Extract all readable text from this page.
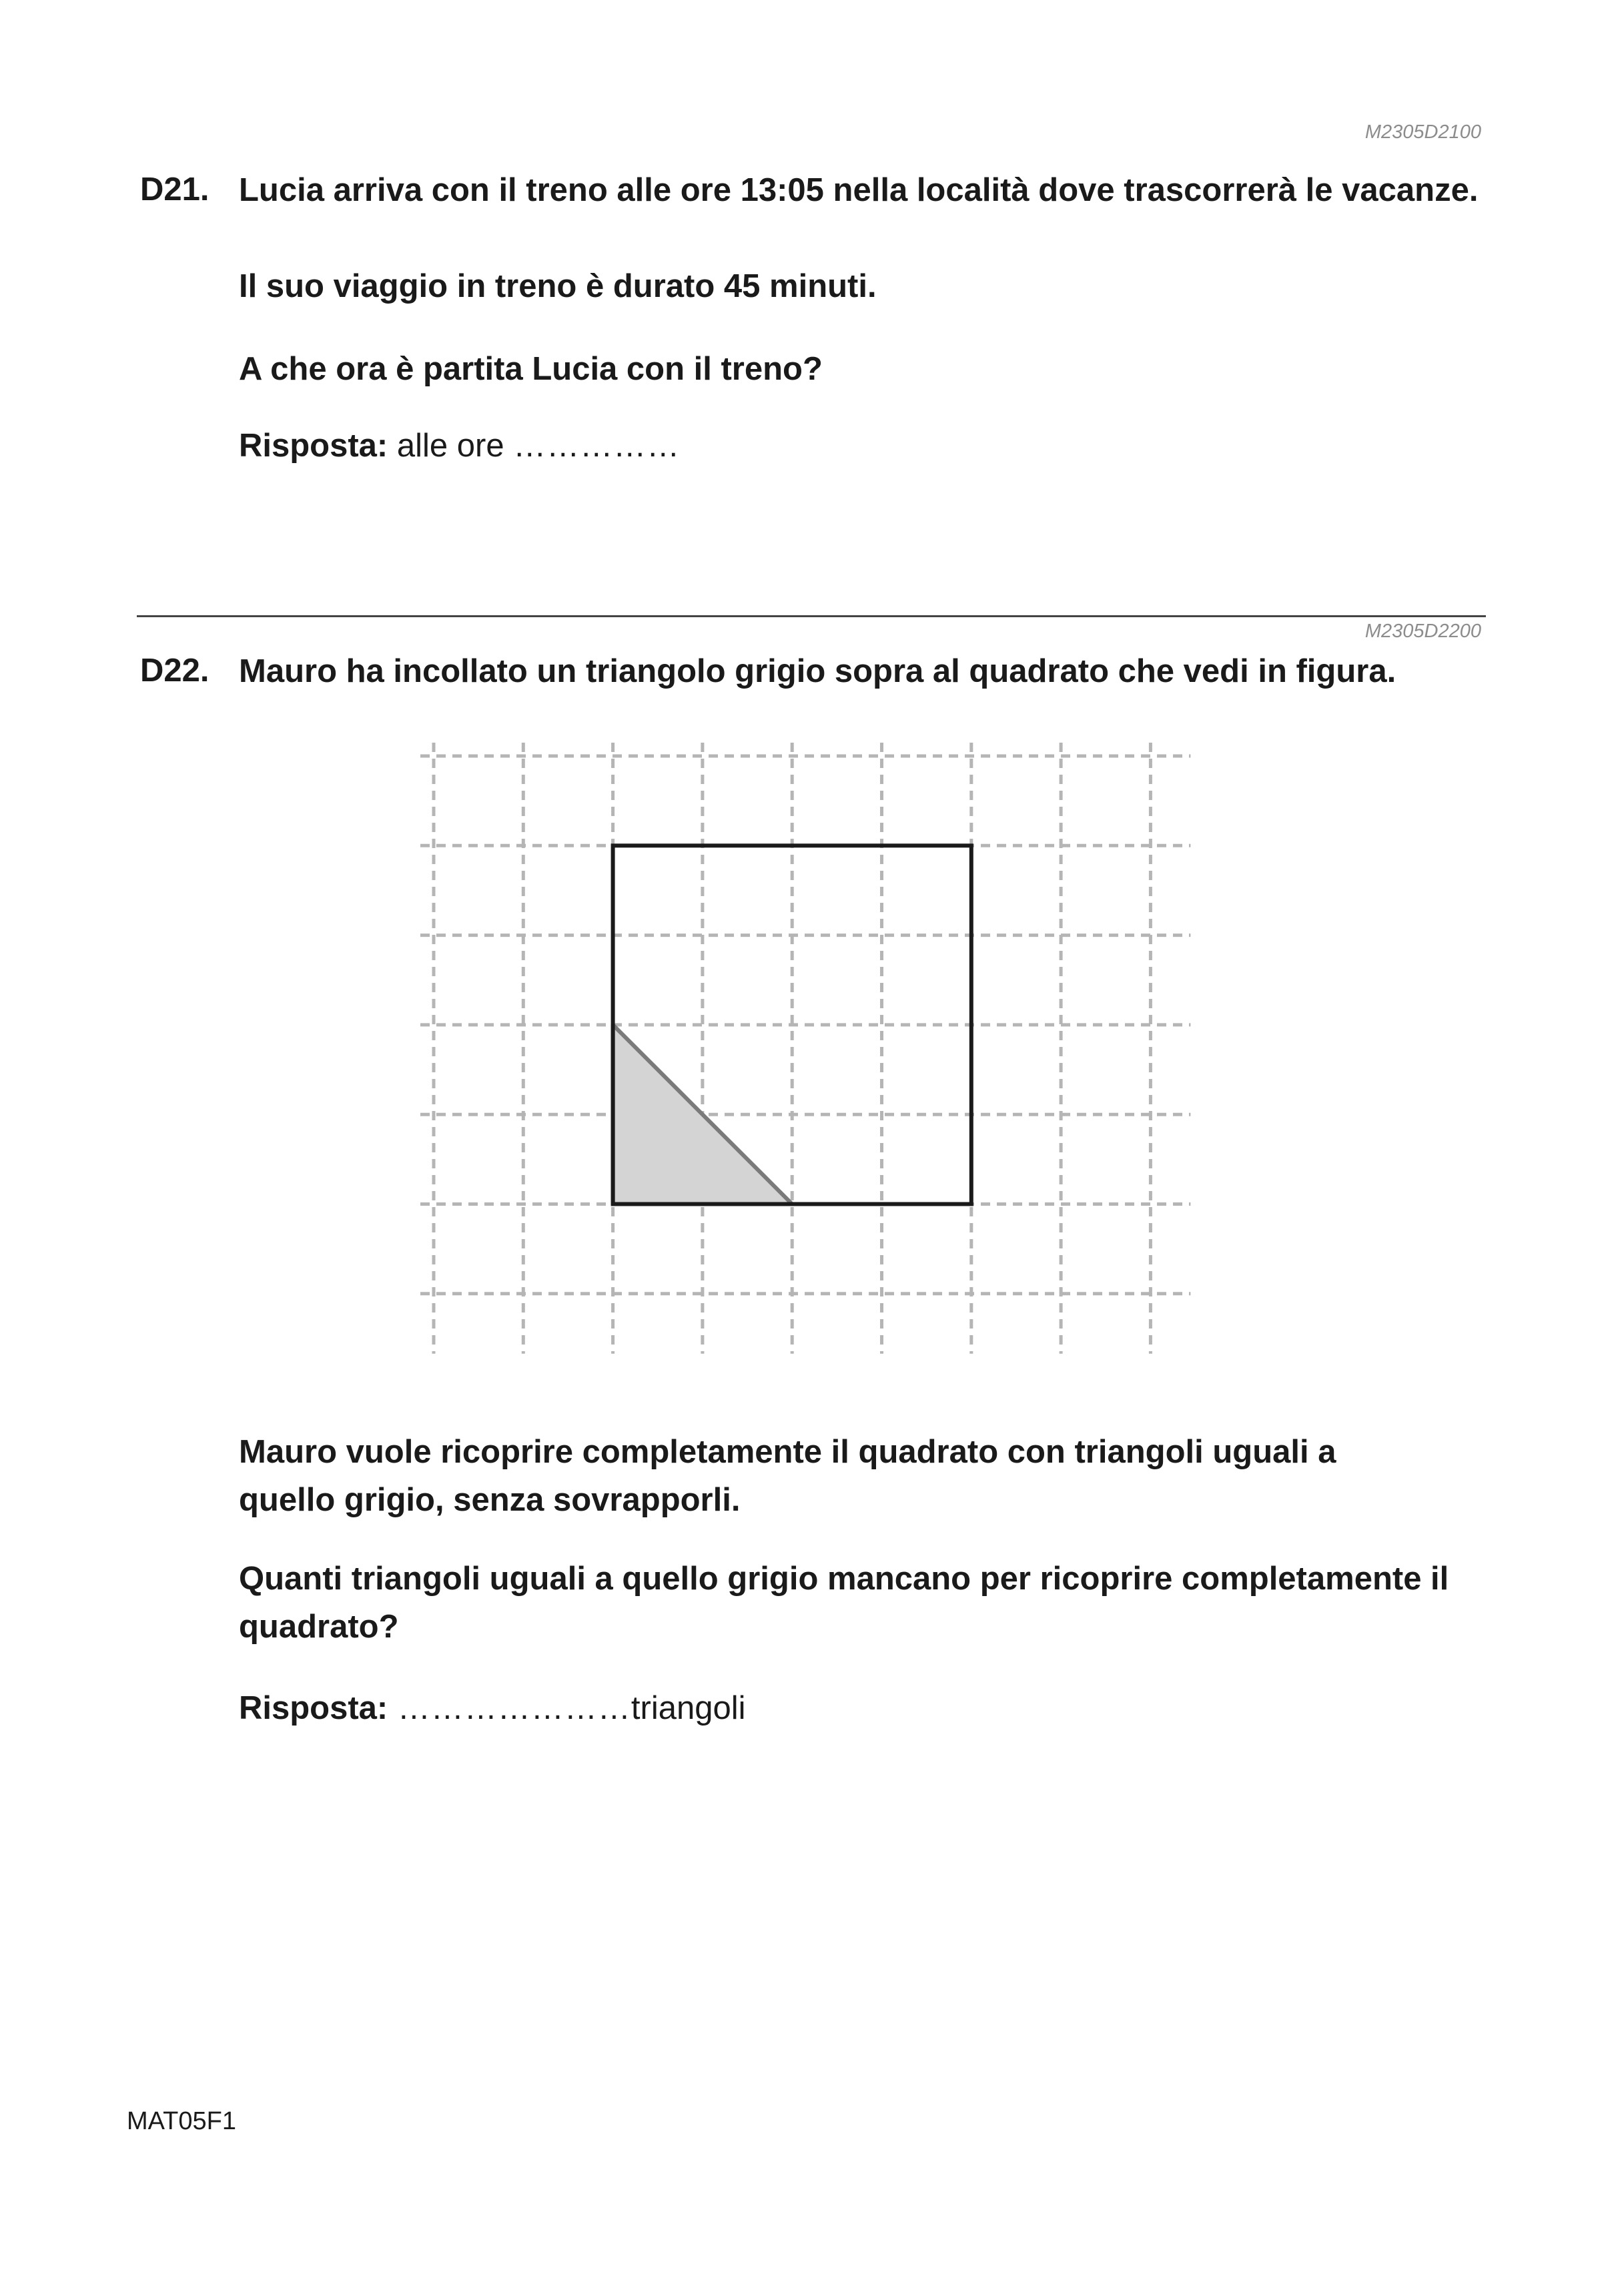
M2305D2100
D21. Lucia arriva con il treno alle ore 13:05 nella località dove trascorrerà le vacanze.
Il suo viaggio in treno è durato 45 minuti.
A che ora è partita Lucia con il treno?
Risposta: alle ore ……………
M2305D2200
D22. Mauro ha incollato un triangolo grigio sopra al quadrato che vedi in figura.
Mauro vuole ricoprire completamente il quadrato con triangoli uguali a quello grigio, senza sovrapporli.
Quanti triangoli uguali a quello grigio mancano per ricoprire completamente il quadrato?
Risposta: …………………triangoli
MAT05F1
